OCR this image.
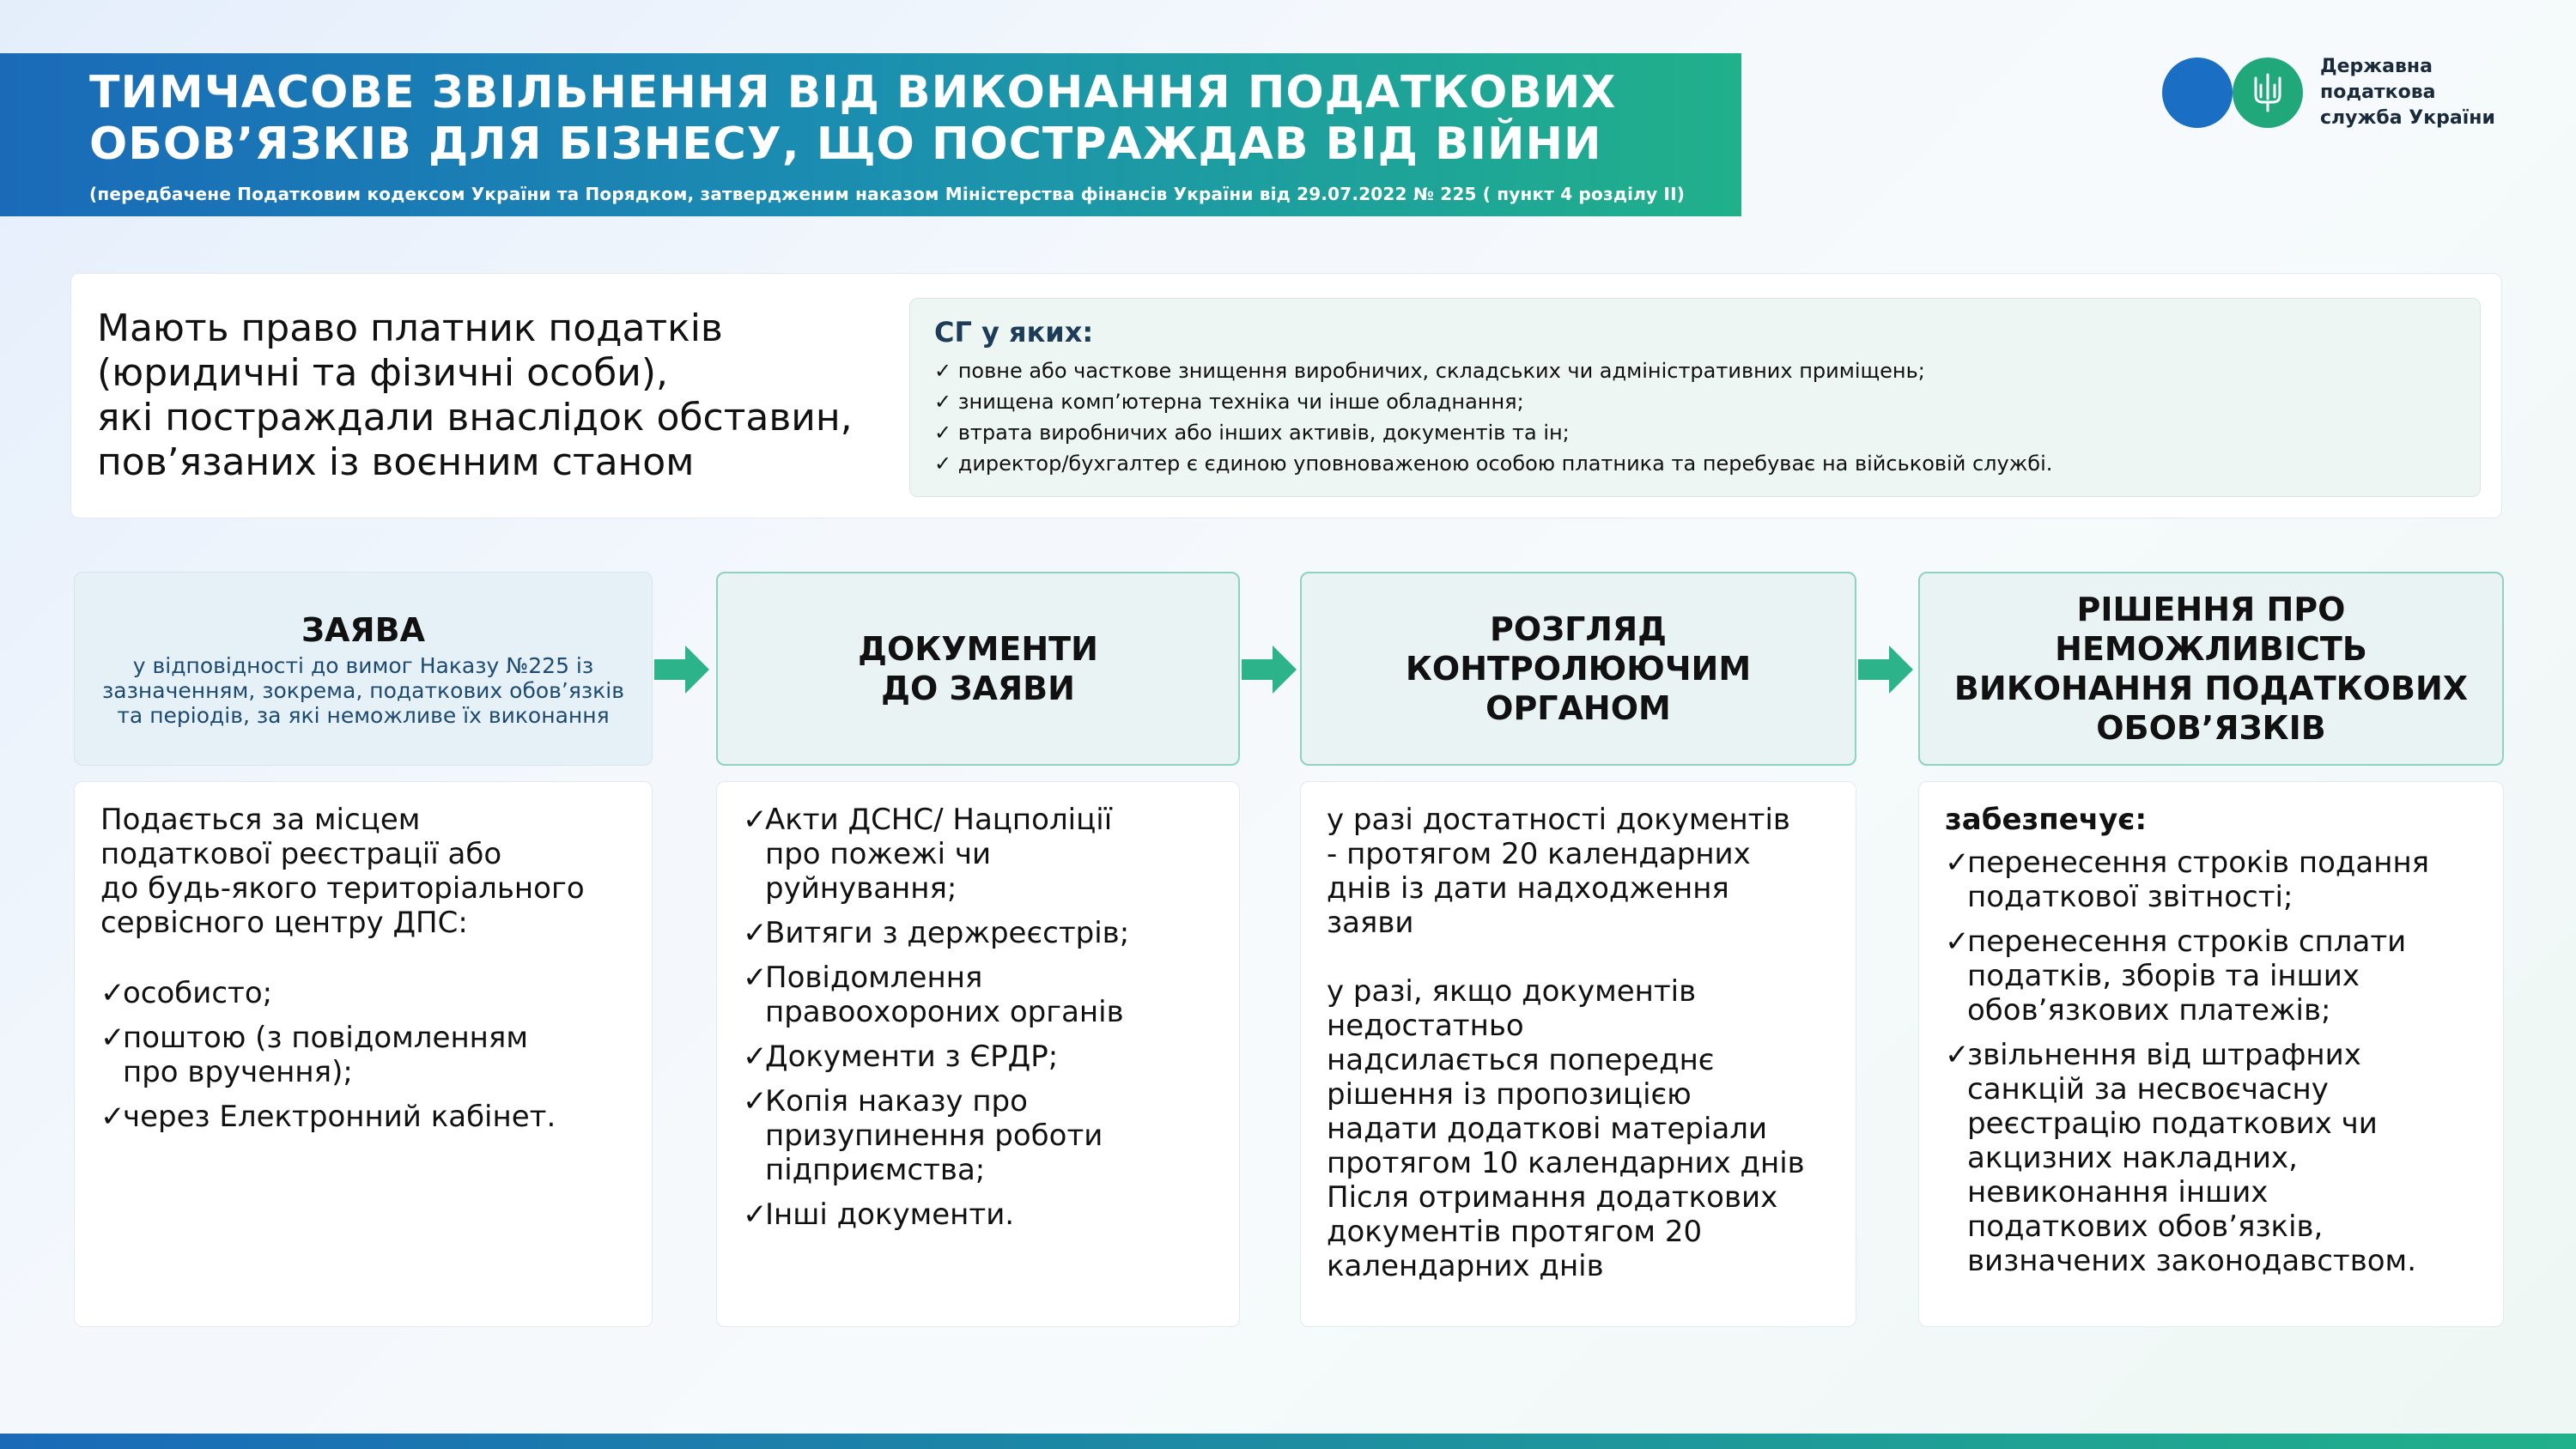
ТИМЧАСОВЕ ЗВІЛЬНЕННЯ ВІД ВИКОНАННЯ ПОДАТКОВИХ
ОБОВ’ЯЗКІВ ДЛЯ БІЗНЕСУ, ЩО ПОСТРАЖДАВ ВІД ВІЙНИ
(передбачене Податковим кодексом України та Порядком, затвердженим наказом Міністерства фінансів України від 29.07.2022 № 225 ( пункт 4 розділу ІІ)
Державна
податкова
служба України
Мають право платник податків
(юридичні та фізичні особи),
які постраждали внаслідок обставин,
пов’язаних із воєнним станом
СГ у яких:
✓ повне або часткове знищення виробничих, складських чи адміністративних приміщень;
✓ знищена комп’ютерна техніка чи інше обладнання;
✓ втрата виробничих або інших активів, документів та ін;
✓ директор/бухгалтер є єдиною уповноваженою особою платника та перебуває на військовій службі.
ЗАЯВА
у відповідності до вимог Наказу №225 із зазначенням, зокрема, податкових обов’язків та періодів, за які неможливе їх виконання
ДОКУМЕНТИ
ДО ЗАЯВИ
РОЗГЛЯД
КОНТРОЛЮЮЧИМ
ОРГАНОМ
РІШЕННЯ ПРО
НЕМОЖЛИВІСТЬ
ВИКОНАННЯ ПОДАТКОВИХ
ОБОВ’ЯЗКІВ
Подається за місцем
податкової реєстрації або
до будь-якого територіального
сервісного центру ДПС:
✓
особисто;
✓
поштою (з повідомленням
про вручення);
✓
через Електронний кабінет.
✓
Акти ДСНС/ Нацполіції
про пожежі чи
руйнування;
✓
Витяги з держреєстрів;
✓
Повідомлення
правоохороних органів
✓
Документи з ЄРДР;
✓
Копія наказу про
призупинення роботи
підприємства;
✓
Інші документи.
у разі достатності документів
- протягом 20 календарних
днів із дати надходження
заяви
у разі, якщо документів
недостатньо
надсилається попереднє
рішення із пропозицією
надати додаткові матеріали
протягом 10 календарних днів
Після отримання додаткових
документів протягом 20
календарних днів
забезпечує:
✓
перенесення строків подання
податкової звітності;
✓
перенесення строків сплати
податків, зборів та інших
обов’язкових платежів;
✓
звільнення від штрафних
санкцій за несвоєчасну
реєстрацію податкових чи
акцизних накладних,
невиконання інших
податкових обов’язків,
визначених законодавством.
